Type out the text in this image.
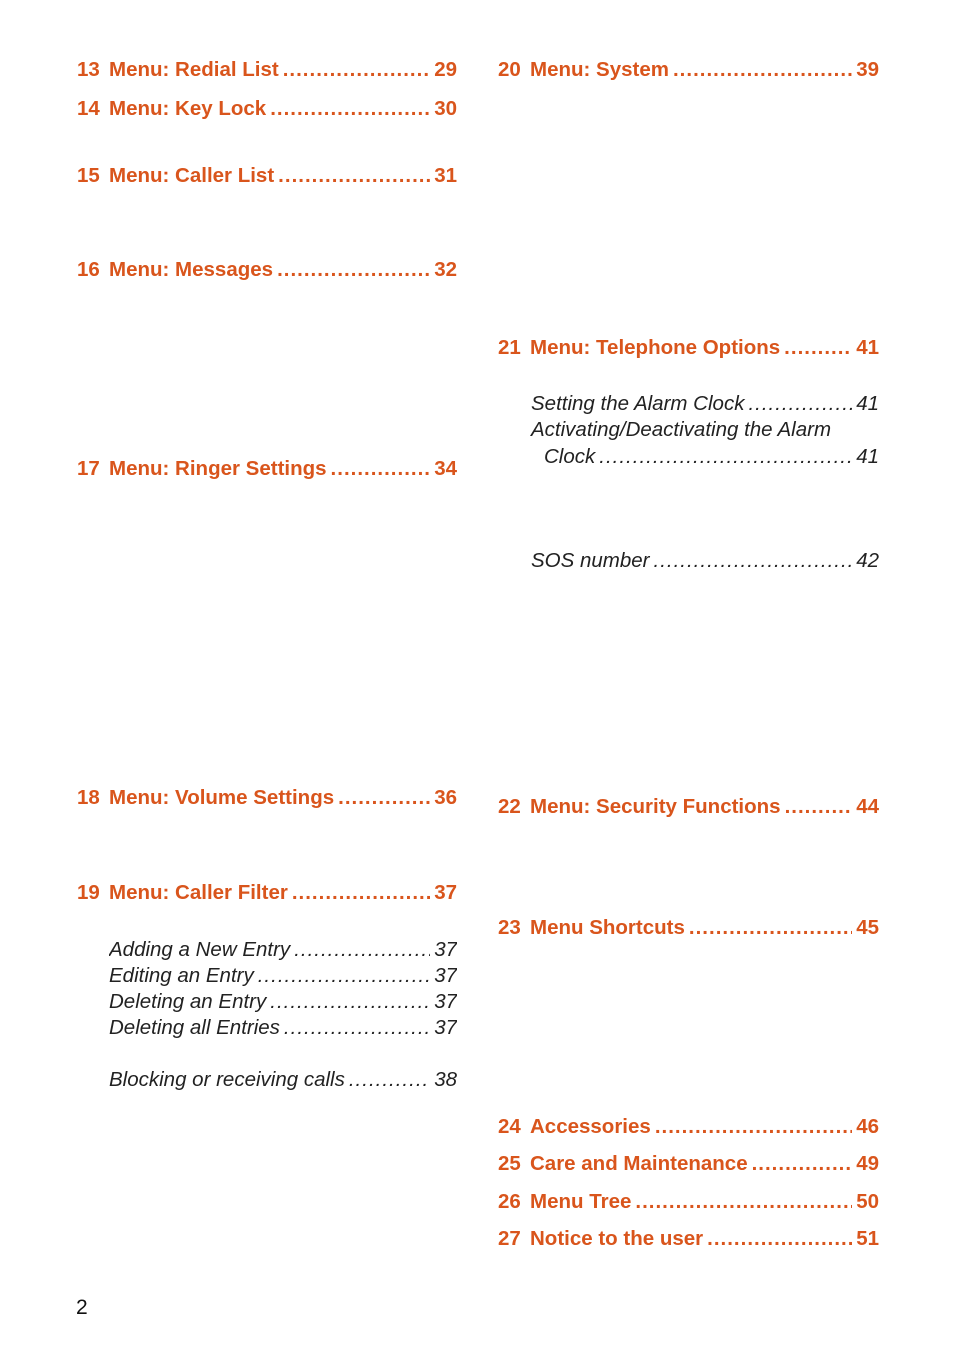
13 Menu: Redial List .....	29
14 Menu: Key Lock .....	30
15 Menu: Caller List .....	31
16 Menu: Messages .....	32
17 Menu: Ringer Settings .....	34
18 Menu: Volume Settings .....	36
19 Menu: Caller Filter .....	37
Adding a New Entry .....	37
Editing an Entry .....	37
Deleting an Entry .....	37
Deleting all Entries .....	37
Blocking or receiving calls .....	38
20 Menu: System .....	39
21 Menu: Telephone Options .....	41
Setting the Alarm Clock .....	41
Activating/Deactivating the Alarm
Clock .....	41
SOS number .....	42
22 Menu: Security Functions .....	44
23 Menu Shortcuts .....	45
24 Accessories .....	46
25 Care and Maintenance .....	49
26 Menu Tree .....	50
27 Notice to the user .....	51
2
